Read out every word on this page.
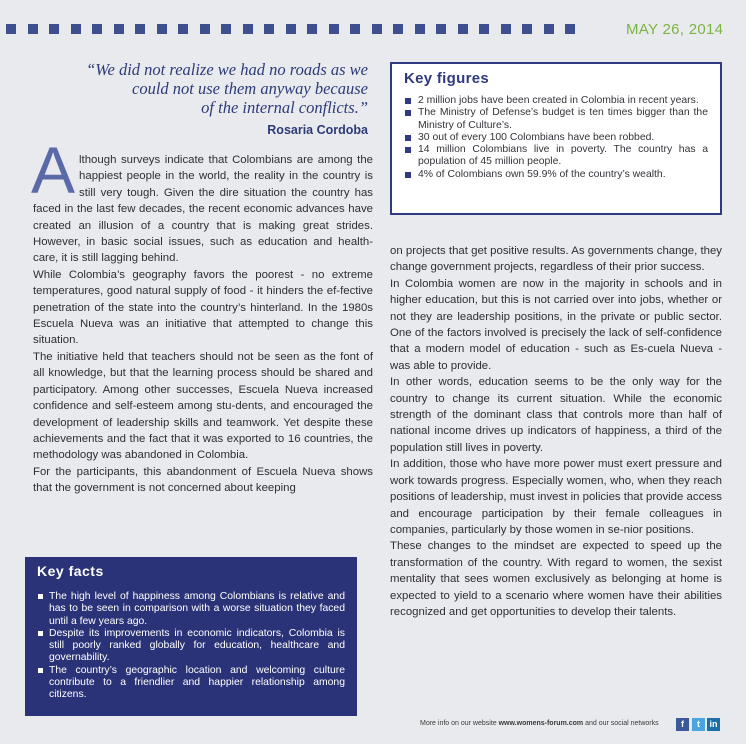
MAY 26, 2014
“We did not realize we had no roads as we
could not use them anyway because
of the internal conflicts.”
Rosaria Cordoba

Although surveys indicate that Colombians are among the happiest people in the world, the reality in the country is still very tough. Given the dire situation the country has faced in the last few decades, the recent economic advances have created an illusion of a country that is making great strides. However, in basic social issues, such as education and health-care, it is still lagging behind.

While Colombia’s geography favors the poorest - no extreme temperatures, good natural supply of food - it hinders the ef-fective penetration of the state into the country’s hinterland. In the 1980s Escuela Nueva was an initiative that attempted to change this situation.

The initiative held that teachers should not be seen as the font of all knowledge, but that the learning process should be shared and participatory. Among other successes, Escuela Nueva increased confidence and self-esteem among stu-dents, and encouraged the development of leadership skills and teamwork. Yet despite these achievements and the fact that it was exported to 16 countries, the methodology was abandoned in Colombia.

For the participants, this abandonment of Escuela Nueva shows that the government is not concerned about keeping

on projects that get positive results. As governments change, they change government projects, regardless of their prior success.

In Colombia women are now in the majority in schools and in higher education, but this is not carried over into jobs, whether or not they are leadership positions, in the private or public sector. One of the factors involved is precisely the lack of self-confidence that a modern model of education - such as Es-cuela Nueva - was able to provide.

In other words, education seems to be the only way for the country to change its current situation. While the economic strength of the dominant class that controls more than half of national income drives up indicators of happiness, a third of the population still lives in poverty.

In addition, those who have more power must exert pressure and work towards progress. Especially women, who, when they reach positions of leadership, must invest in policies that provide access and encourage participation by their female colleagues in companies, particularly by those women in se-nior positions.

These changes to the mindset are expected to speed up the transformation of the country. With regard to women, the sexist mentality that sees women exclusively as belonging at home is expected to yield to a scenario where women have their abilities recognized and get opportunities to develop their talents.

Key figures
2 million jobs have been created in Colombia in recent years.
The Ministry of Defense’s budget is ten times bigger than the Ministry of Culture’s.
30 out of every 100 Colombians have been robbed.
14 million Colombians live in poverty. The country has a population of 45 million people.
4% of Colombians own 59.9% of the country’s wealth.
Key facts
The high level of happiness among Colombians is relative and has to be seen in comparison with a worse situation they faced until a few years ago.
Despite its improvements in economic indicators, Colombia is still poorly ranked globally for education, healthcare and governability.
The country’s geographic location and welcoming culture contribute to a friendlier and happier relationship among citizens.
More info on our website www.womens-forum.com and our social networks	f	t	in
